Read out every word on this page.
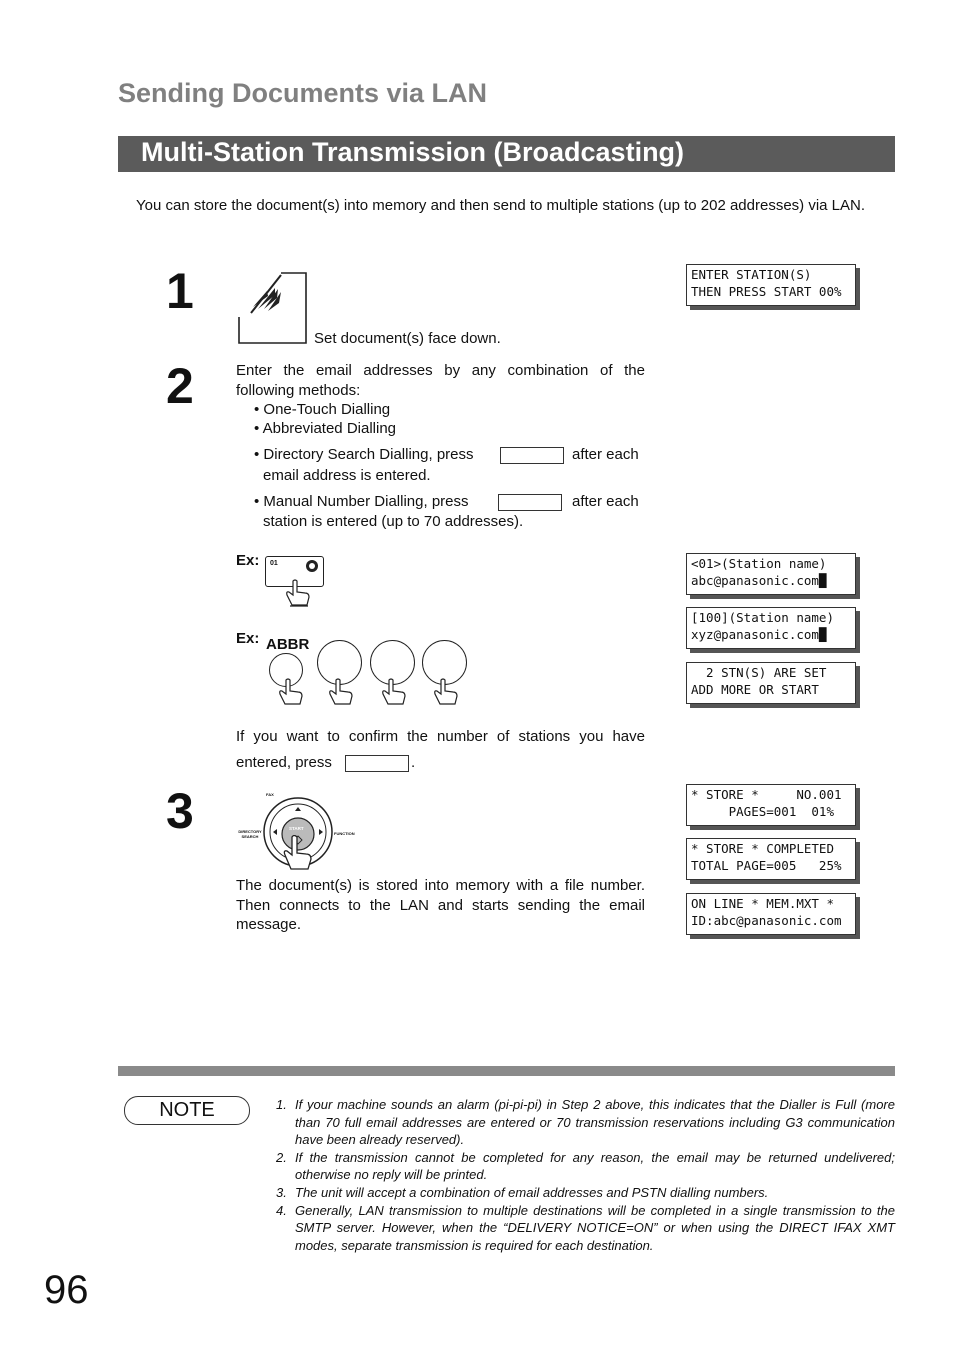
Sending Documents via LAN
Multi-Station Transmission (Broadcasting)
You can store the document(s) into memory and then send to multiple stations (up to 202 addresses) via LAN.
1
Set document(s) face down.
ENTER STATION(S)
THEN PRESS START 00%
2	Enter the email addresses by any combination of the following methods:
• One-Touch Dialling
• Abbreviated Dialling
• Directory Search Dialling, press	after each
email address is entered.
• Manual Number Dialling, press	after each
station is entered (up to 70 addresses).
Ex: 01
Ex: ABBR
<01>(Station name)
abc@panasonic.com█
[100](Station name)
xyz@panasonic.com█
2 STN(S) ARE SET
ADD MORE OR START
If you want to confirm the number of stations you have
entered, press	.
3	FAX
DIRECTORY SEARCH
FUNCTION
START
The document(s) is stored into memory with a file number. Then connects to the LAN and starts sending the email message.
* STORE *     NO.001
PAGES=001  01%
* STORE * COMPLETED
TOTAL PAGE=005   25%
ON LINE * MEM.MXT *
ID:abc@panasonic.com
NOTE	1. If your machine sounds an alarm (pi-pi-pi) in Step 2 above, this indicates that the Dialler is Full (more than 70 full email addresses are entered or 70 transmission reservations including G3 communication have been already reserved).
2. If the transmission cannot be completed for any reason, the email may be returned undelivered; otherwise no reply will be printed.
3. The unit will accept a combination of email addresses and PSTN dialling numbers.
4. Generally, LAN transmission to multiple destinations will be completed in a single transmission to the SMTP server. However, when the “DELIVERY NOTICE=ON” or when using the DIRECT IFAX XMT modes, separate transmission is required for each destination.
96
